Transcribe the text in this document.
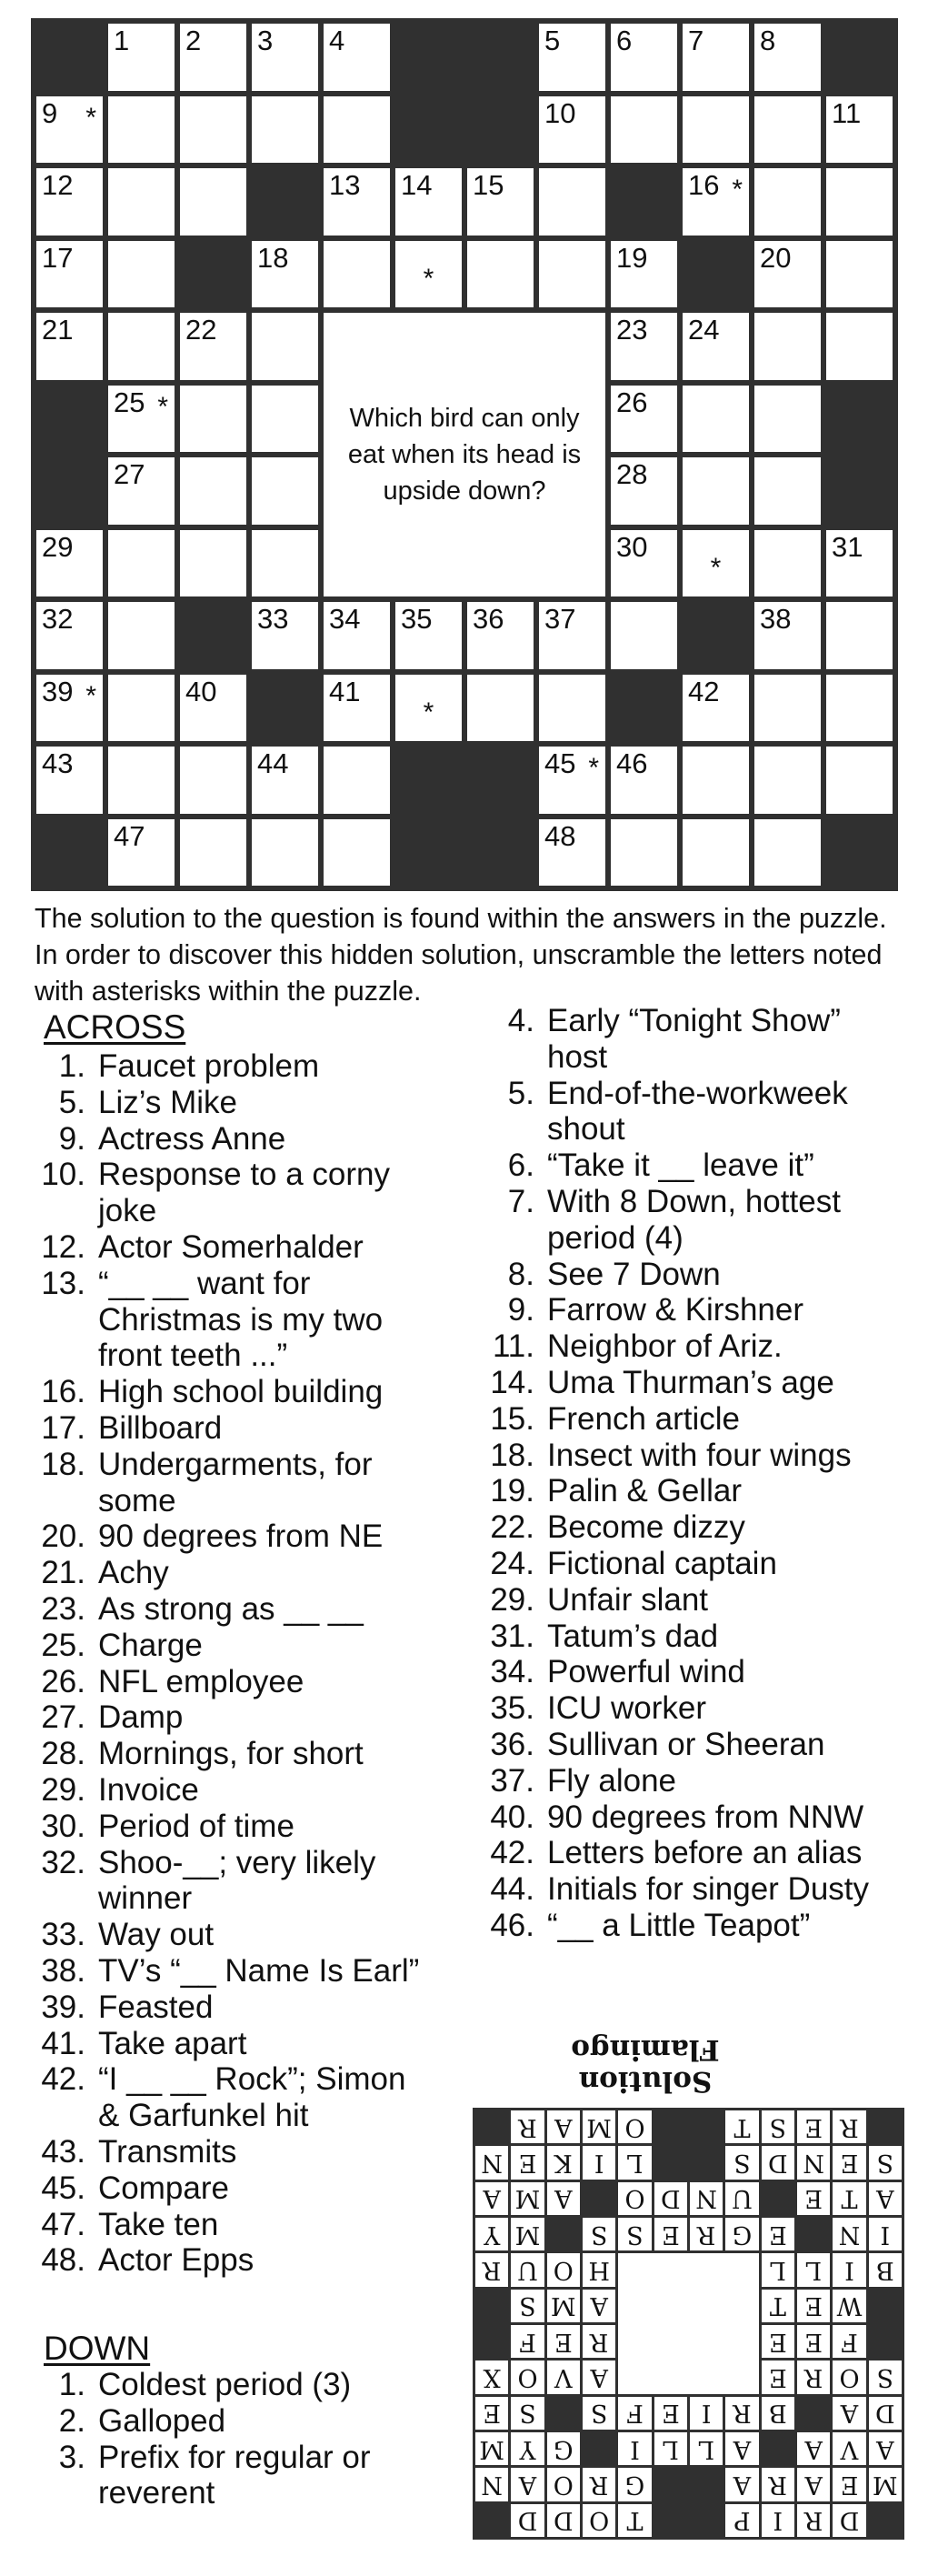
1 2 3 4	5 6 7 8
9 *	10	11
12	13 14 15	16 *
17	18
*
19	20
21	22	23 24
25 *	26
27	28
29	30
*
31
32	33 34 35 36 37	38
39 *	40	41
*
42
43	44	45 * 46
47	48
Which bird can only eat when its head is upside down?
The solution to the question is found within the answers in the puzzle. In order to discover this hidden solution, unscramble the letters noted with asterisks within the puzzle.
ACROSS
1. Faucet problem
5. Liz’s Mike
9. Actress Anne
10. Response to a corny
joke
12. Actor Somerhalder
13. “__ __ want for
Christmas is my two
front teeth ...”
16. High school building
17. Billboard
18. Undergarments, for
some
20. 90 degrees from NE
21. Achy
23. As strong as __ __
25. Charge
26. NFL employee
27. Damp
28. Mornings, for short
29. Invoice
30. Period of time
32. Shoo-__; very likely
winner
33. Way out
38. TV’s “__ Name Is Earl”
39. Feasted
41. Take apart
42. “I __ __ Rock”; Simon
& Garfunkel hit
43. Transmits
45. Compare
47. Take ten
48. Actor Epps
DOWN
1. Coldest period (3)
2. Galloped
3. Prefix for regular or
reverent
4. Early “Tonight Show”
host
5. End-of-the-workweek
shout
6. “Take it __ leave it”
7. With 8 Down, hottest
period (4)
8. See 7 Down
9. Farrow & Kirshner
11. Neighbor of Ariz.
14. Uma Thurman’s age
15. French article
18. Insect with four wings
19. Palin & Gellar
22. Become dizzy
24. Fictional captain
29. Unfair slant
31. Tatum’s dad
34. Powerful wind
35. ICU worker
36. Sullivan or Sheeran
37. Fly alone
40. 90 degrees from NNW
42. Letters before an alias
44. Initials for singer Dusty
46. “__ a Little Teapot”
Solution
Flamingo
D
R
I
P
T
O
D
D
M
E
A
R
A
G
R
O
A
N
A
V
A
A
L
L
I
G
Y
M
D
A
B
R
I
E
F
S
S
E
S
O
R
E
A
V
O
X
F
E
E
R
E
F
W
E
T
A
M
S
B
I
L
L
H
O
U
R
I
N
E
G
R
E
S
S
M
Y
A
T
E
U
N
D
O
A
M
A
S
E
N
D
S
L
I
K
E
N
R
E
S
T
O
M
A
R
